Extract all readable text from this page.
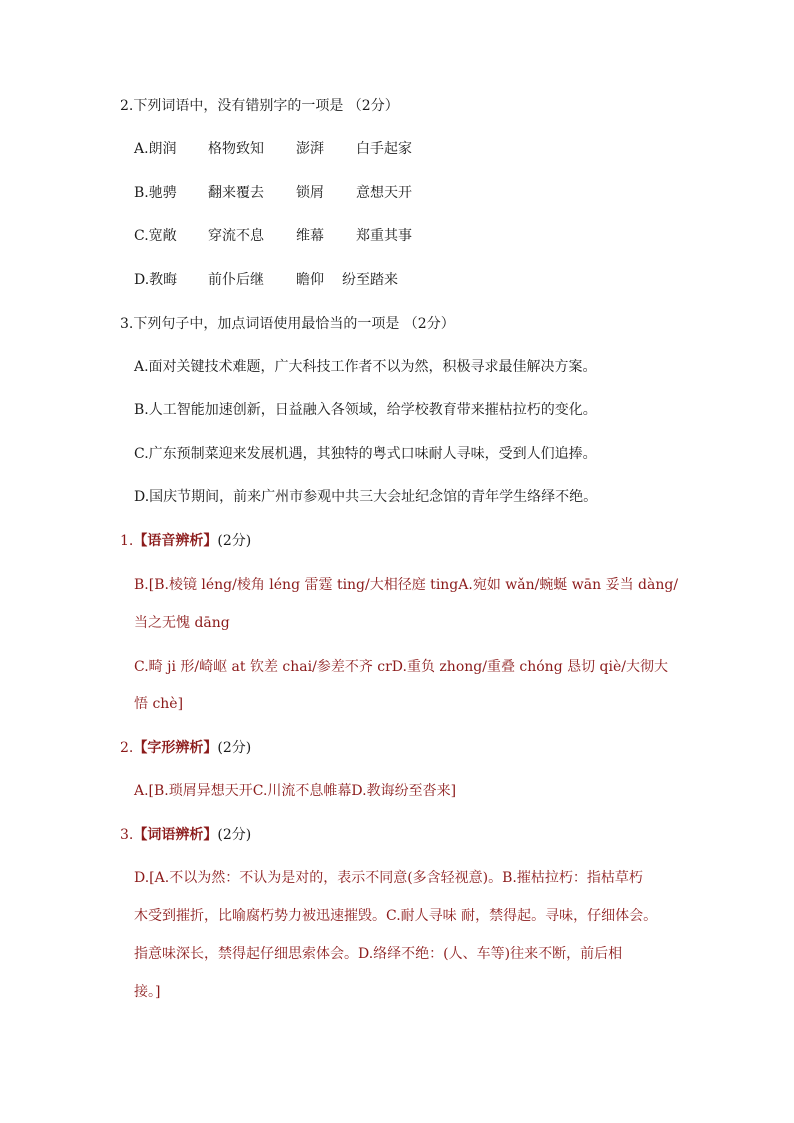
2.下列词语中，没有错别字的一项是 （2分）
A.朗润 格物致知 澎湃 白手起家
B.驰骋 翻来覆去 锁屑 意想天开
C.宽敞 穿流不息 维幕 郑重其事
D.教晦 前仆后继 瞻仰 纷至踏来
3.下列句子中，加点词语使用最恰当的一项是 （2分）
A.面对关键技术难题，广大科技工作者不以为然，积极寻求最佳解决方案。
B.人工智能加速创新，日益融入各领域，给学校教育带来摧枯拉朽的变化。
C.广东预制菜迎来发展机遇，其独特的粤式口味耐人寻味，受到人们追捧。
D.国庆节期间，前来广州市参观中共三大会址纪念馆的青年学生络绎不绝。
1.【语音辨析】(2分)
B.[B.棱镜 léng/棱角 léng 雷霆 ting/大相径庭 tingA.宛如 wǎn/蜿蜒 wān 妥当 dàng/
当之无愧 dāng
C.畸 ji 形/崎岖 at 钦差 chai/参差不齐 crD.重负 zhong/重叠 chóng 恳切 qiè/大彻大
悟 chè]
2.【字形辨析】(2分)
A.[B.琐屑异想天开C.川流不息帷幕D.教诲纷至沓来]
3.【词语辨析】(2分)
D.[A.不以为然：不认为是对的，表示不同意(多含轻视意)。B.摧枯拉朽：指枯草朽
木受到摧折，比喻腐朽势力被迅速摧毁。C.耐人寻味 耐，禁得起。寻味，仔细体会。
指意味深长，禁得起仔细思索体会。D.络绎不绝：(人、车等)往来不断，前后相
接。]
